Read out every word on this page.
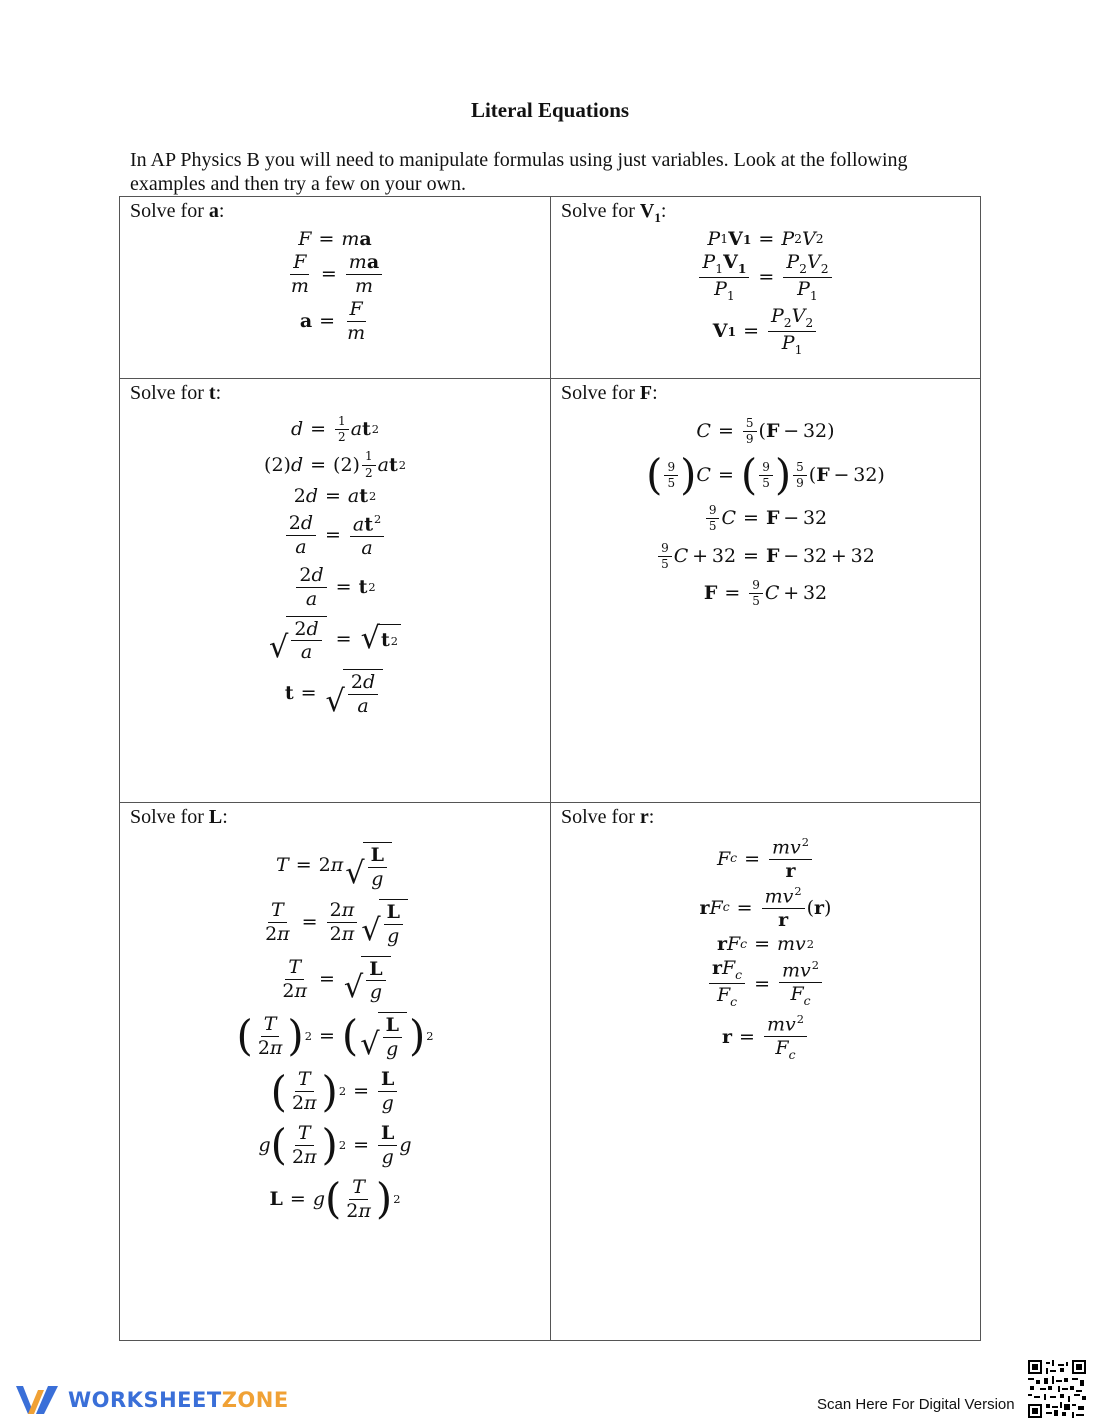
Literal Equations
In AP Physics B you will need to manipulate formulas using just variables. Look at the following examples and then try a few on your own.
Solve for a:
F = m a
$\frac{F}{m} = \frac{ma}{m}$
$a = \frac{F}{m}$
Solve for $V_1$:
P 1 V 1 = P 2 V 2
$\frac{P_1V_1}{P_1} = \frac{P_2V_2}{P_1}$
V $1 = \frac{P_2V_2}{P_1}$
Solve for t:
$d = \frac{1}{2}$ a t 2
(2) $d = (2) \frac{1}{2}$ a t 2
2 d = a t 2
$\frac{2d}{a} = \frac{at^2}{a}$
$\frac{2d}{a} = t$ 2
√ $\frac{2d}{a}$ = √ t 2
t = √ $\frac{2d}{a}$
Solve for F:
$C = \frac{5}{9}$ ( F  − 32)
( $\frac{9}{5}$ ) C = ( $\frac{9}{5}$ ) $\frac{5}{9}$ ( F  − 32)
$\frac{9}{5}$ C = F  − 32
$\frac{9}{5}$ C  + 32 = F  − 32 + 32
$F = \frac{9}{5}$ C  + 32
Solve for L:
T = 2 π √ $\frac{L}{g}$
$\frac{T}{2\pi} = \frac{2\pi}{2\pi}$ √ $\frac{L}{g}$
$\frac{T}{2\pi}$ = √ $\frac{L}{g}$
( $\frac{T}{2\pi}$ ) 2 = ( √ $\frac{L}{g}$ ) 2
( $\frac{T}{2\pi}$ ) $2 = \frac{L}{g}$
g ( $\frac{T}{2\pi}$ ) $2 = \frac{L}{g}$ g
L = g ( $\frac{T}{2\pi}$ ) 2
Solve for r:
F $c = \frac{mv^2}{r}$
r F $c = \frac{mv^2}{r}$ ( r )
r F c = m v 2
$\frac{rF_c}{F_c} = \frac{mv^2}{F_c}$
$r = \frac{mv^2}{F_c}$
WORKSHEETZONE	Scan Here For Digital Version
